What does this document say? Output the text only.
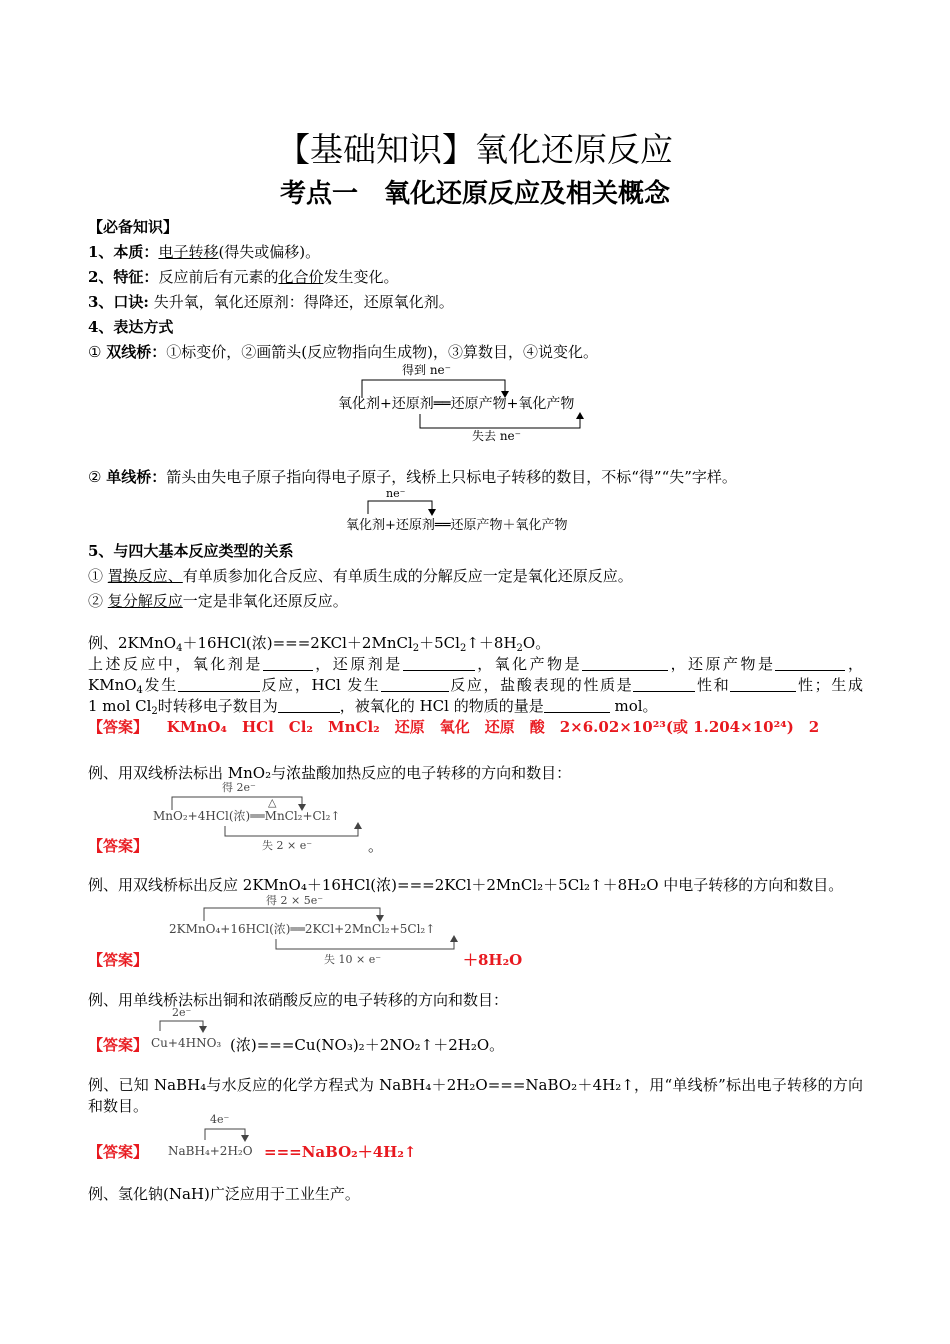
【基础知识】氧化还原反应
考点一　氧化还原反应及相关概念
【必备知识】
1、本质：电子转移(得失或偏移)。
2、特征：反应前后有元素的化合价发生变化。
3、口诀: 失升氧，氧化还原剂：得降还，还原氧化剂。
4、表达方式
① 双线桥：①标变价，②画箭头(反应物指向生成物)，③算数目，④说变化。
得到 ne⁻
氧化剂+还原剂══还原产物+氧化产物
失去 ne⁻
② 单线桥：箭头由失电子原子指向得电子原子，线桥上只标电子转移的数目，不标“得”“失”字样。
ne⁻
氧化剂+还原剂══还原产物＋氧化产物
5、与四大基本反应类型的关系
① 置换反应、有单质参加化合反应、有单质生成的分解反应一定是氧化还原反应。
② 复分解反应一定是非氧化还原反应。
例、2KMnO$_4$＋16HCl(浓)$===2KCl+2MnCl_2+5Cl_2↑+8H_2O$。
上述反应中，氧化剂是	，还原剂是	，氧化产物是	，还原产物是	，
KMnO$_4$发生	反应，HCl 发生	反应，盐酸表现的性质是	性和	性；生成
1 mol $Cl_2$时转移电子数目为	，被氧化的 HCl 的物质的量是	mol。
【答案】 KMnO₄　HCl　Cl₂　MnCl₂　还原　氧化　还原　酸　2×6.02×10²³(或 1.204×10²⁴)　2
例、用双线桥法标出 MnO₂与浓盐酸加热反应的电子转移的方向和数目：
得 2e⁻
△
MnO₂+4HCl(浓)══MnCl₂+Cl₂↑
失 2 × e⁻
【答案】	。
例、用双线桥标出反应 2KMnO₄＋16HCl(浓)===2KCl＋2MnCl₂＋5Cl₂↑＋8H₂O 中电子转移的方向和数目。
得 2 × 5e⁻
2KMnO₄+16HCl(浓)══2KCl+2MnCl₂+5Cl₂↑
失 10 × e⁻
【答案】	＋8H₂O
例、用单线桥法标出铜和浓硝酸反应的电子转移的方向和数目：
【答案】	(浓)===Cu(NO₃)₂＋2NO₂↑＋2H₂O。
2e⁻
Cu+4HNO₃
例、已知 NaBH₄与水反应的化学方程式为 NaBH₄＋2H₂O===NaBO₂＋4H₂↑，用“单线桥”标出电子转移的方向和数目。
4e⁻
NaBH₄+2H₂O
【答案】	===NaBO₂＋4H₂↑
例、氢化钠(NaH)广泛应用于工业生产。
